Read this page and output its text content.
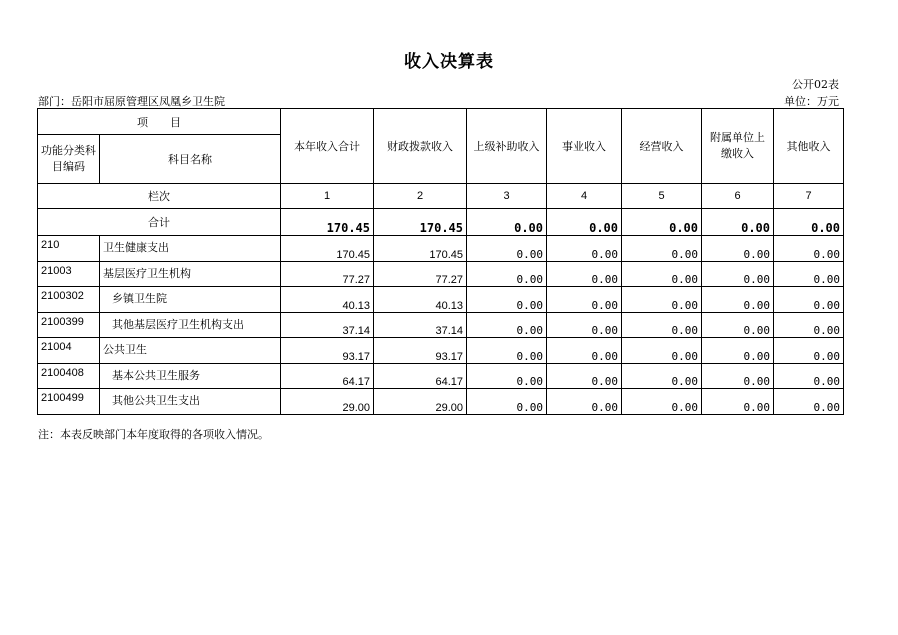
收入决算表
公开02表
部门：岳阳市屈原管理区凤凰乡卫生院	单位：万元
项　　目		本年收入合计	财政拨款收入	上级补助收入	事业收入	经营收入	附属单位上缴收入	其他收入
功能分类科目编码	科目名称							
栏次		1	2	3	4	5	6	7
合计		170.45	170.45	0.00	0.00	0.00	0.00	0.00
210	卫生健康支出	170.45	170.45	0.00	0.00	0.00	0.00	0.00
21003	基层医疗卫生机构	77.27	77.27	0.00	0.00	0.00	0.00	0.00
2100302	乡镇卫生院	40.13	40.13	0.00	0.00	0.00	0.00	0.00
2100399	其他基层医疗卫生机构支出	37.14	37.14	0.00	0.00	0.00	0.00	0.00
21004	公共卫生	93.17	93.17	0.00	0.00	0.00	0.00	0.00
2100408	基本公共卫生服务	64.17	64.17	0.00	0.00	0.00	0.00	0.00
2100499	其他公共卫生支出	29.00	29.00	0.00	0.00	0.00	0.00	0.00
注：本表反映部门本年度取得的各项收入情况。
